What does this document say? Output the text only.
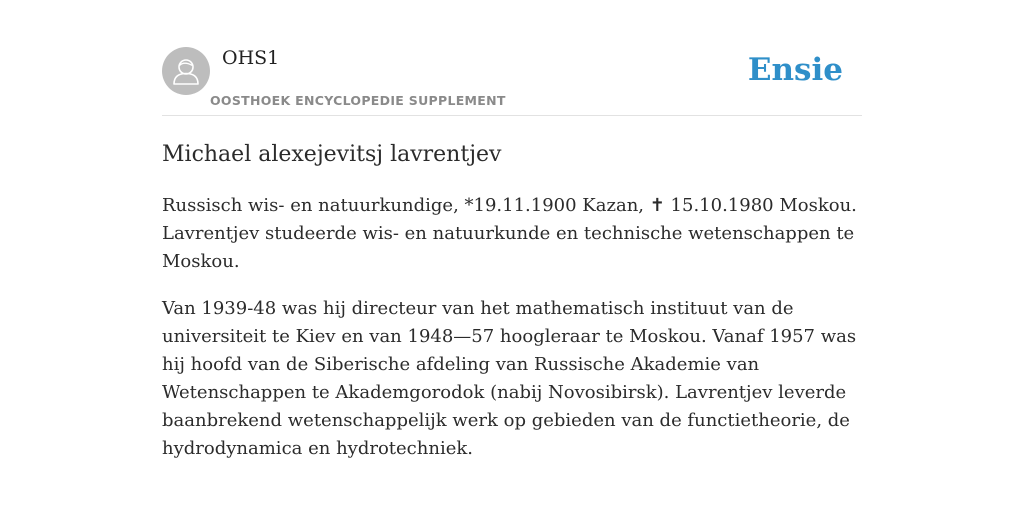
OHS1
OOSTHOEK ENCYCLOPEDIE SUPPLEMENT
Ensie
Michael alexejevitsj lavrentjev

Russisch wis- en natuurkundige, *19.11.1900 Kazan, ✝ 15.10.1980 Moskou. Lavrentjev studeerde wis- en natuurkunde en technische wetenschappen te Moskou.

Van 1939-48 was hij directeur van het mathematisch instituut van de universiteit te Kiev en van 1948—57 hoogleraar te Moskou. Vanaf 1957 was hij hoofd van de Siberische afdeling van Russische Akademie van Wetenschappen te Akademgorodok (nabij Novosibirsk). Lavrentjev leverde baanbrekend wetenschappelijk werk op gebieden van de functietheorie, de hydrodynamica en hydrotechniek.
